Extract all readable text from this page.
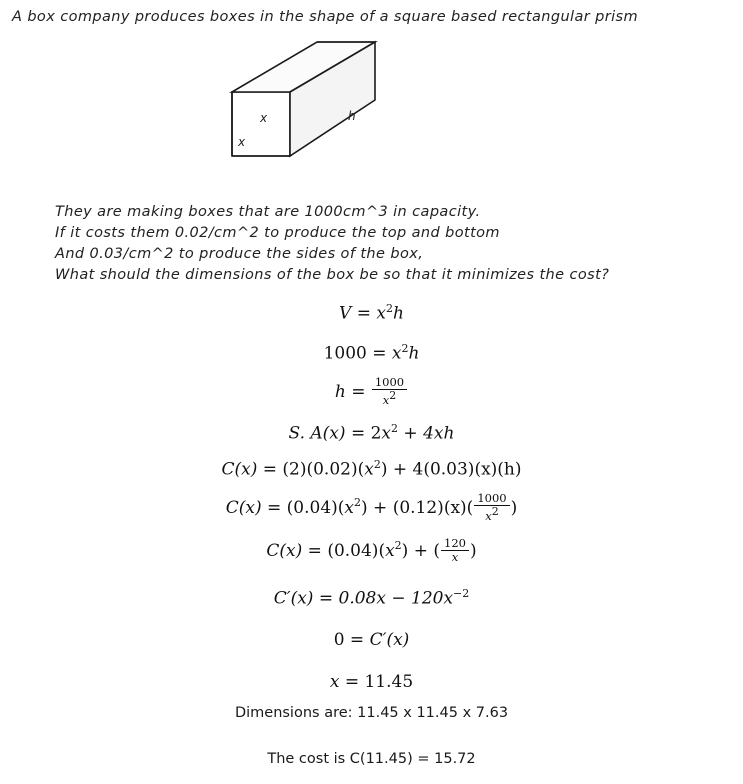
A box company produces boxes in the shape of a square based rectangular prism
x
x
h
They are making boxes that are 1000cm^3 in capacity.
If it costs them 0.02/cm^2 to produce the top and bottom
And 0.03/cm^2 to produce the sides of the box,
What should the dimensions of the box be so that it minimizes the cost?
$V = x^2h$
$1000 = x^2h$
$h = \frac{1000}{x^2}$
S. $A(x) = 2x^2 + 4xh$
$C(x) = (2)(0.02)(x^2) + 4(0.03)(x)(h)$
$C(x) = (0.04)(x^2) + (0.12)(x)( \frac{1000}{x^2}$ )
$C(x) = (0.04)(x^2)$ + ( $\frac{120}{x}$ )
$C'(x) = 0.08x - 120x^{-2}$
0 = C′(x)
x = 11.45
Dimensions are: 11.45 x 11.45 x 7.63
The cost is C(11.45) = 15.72
